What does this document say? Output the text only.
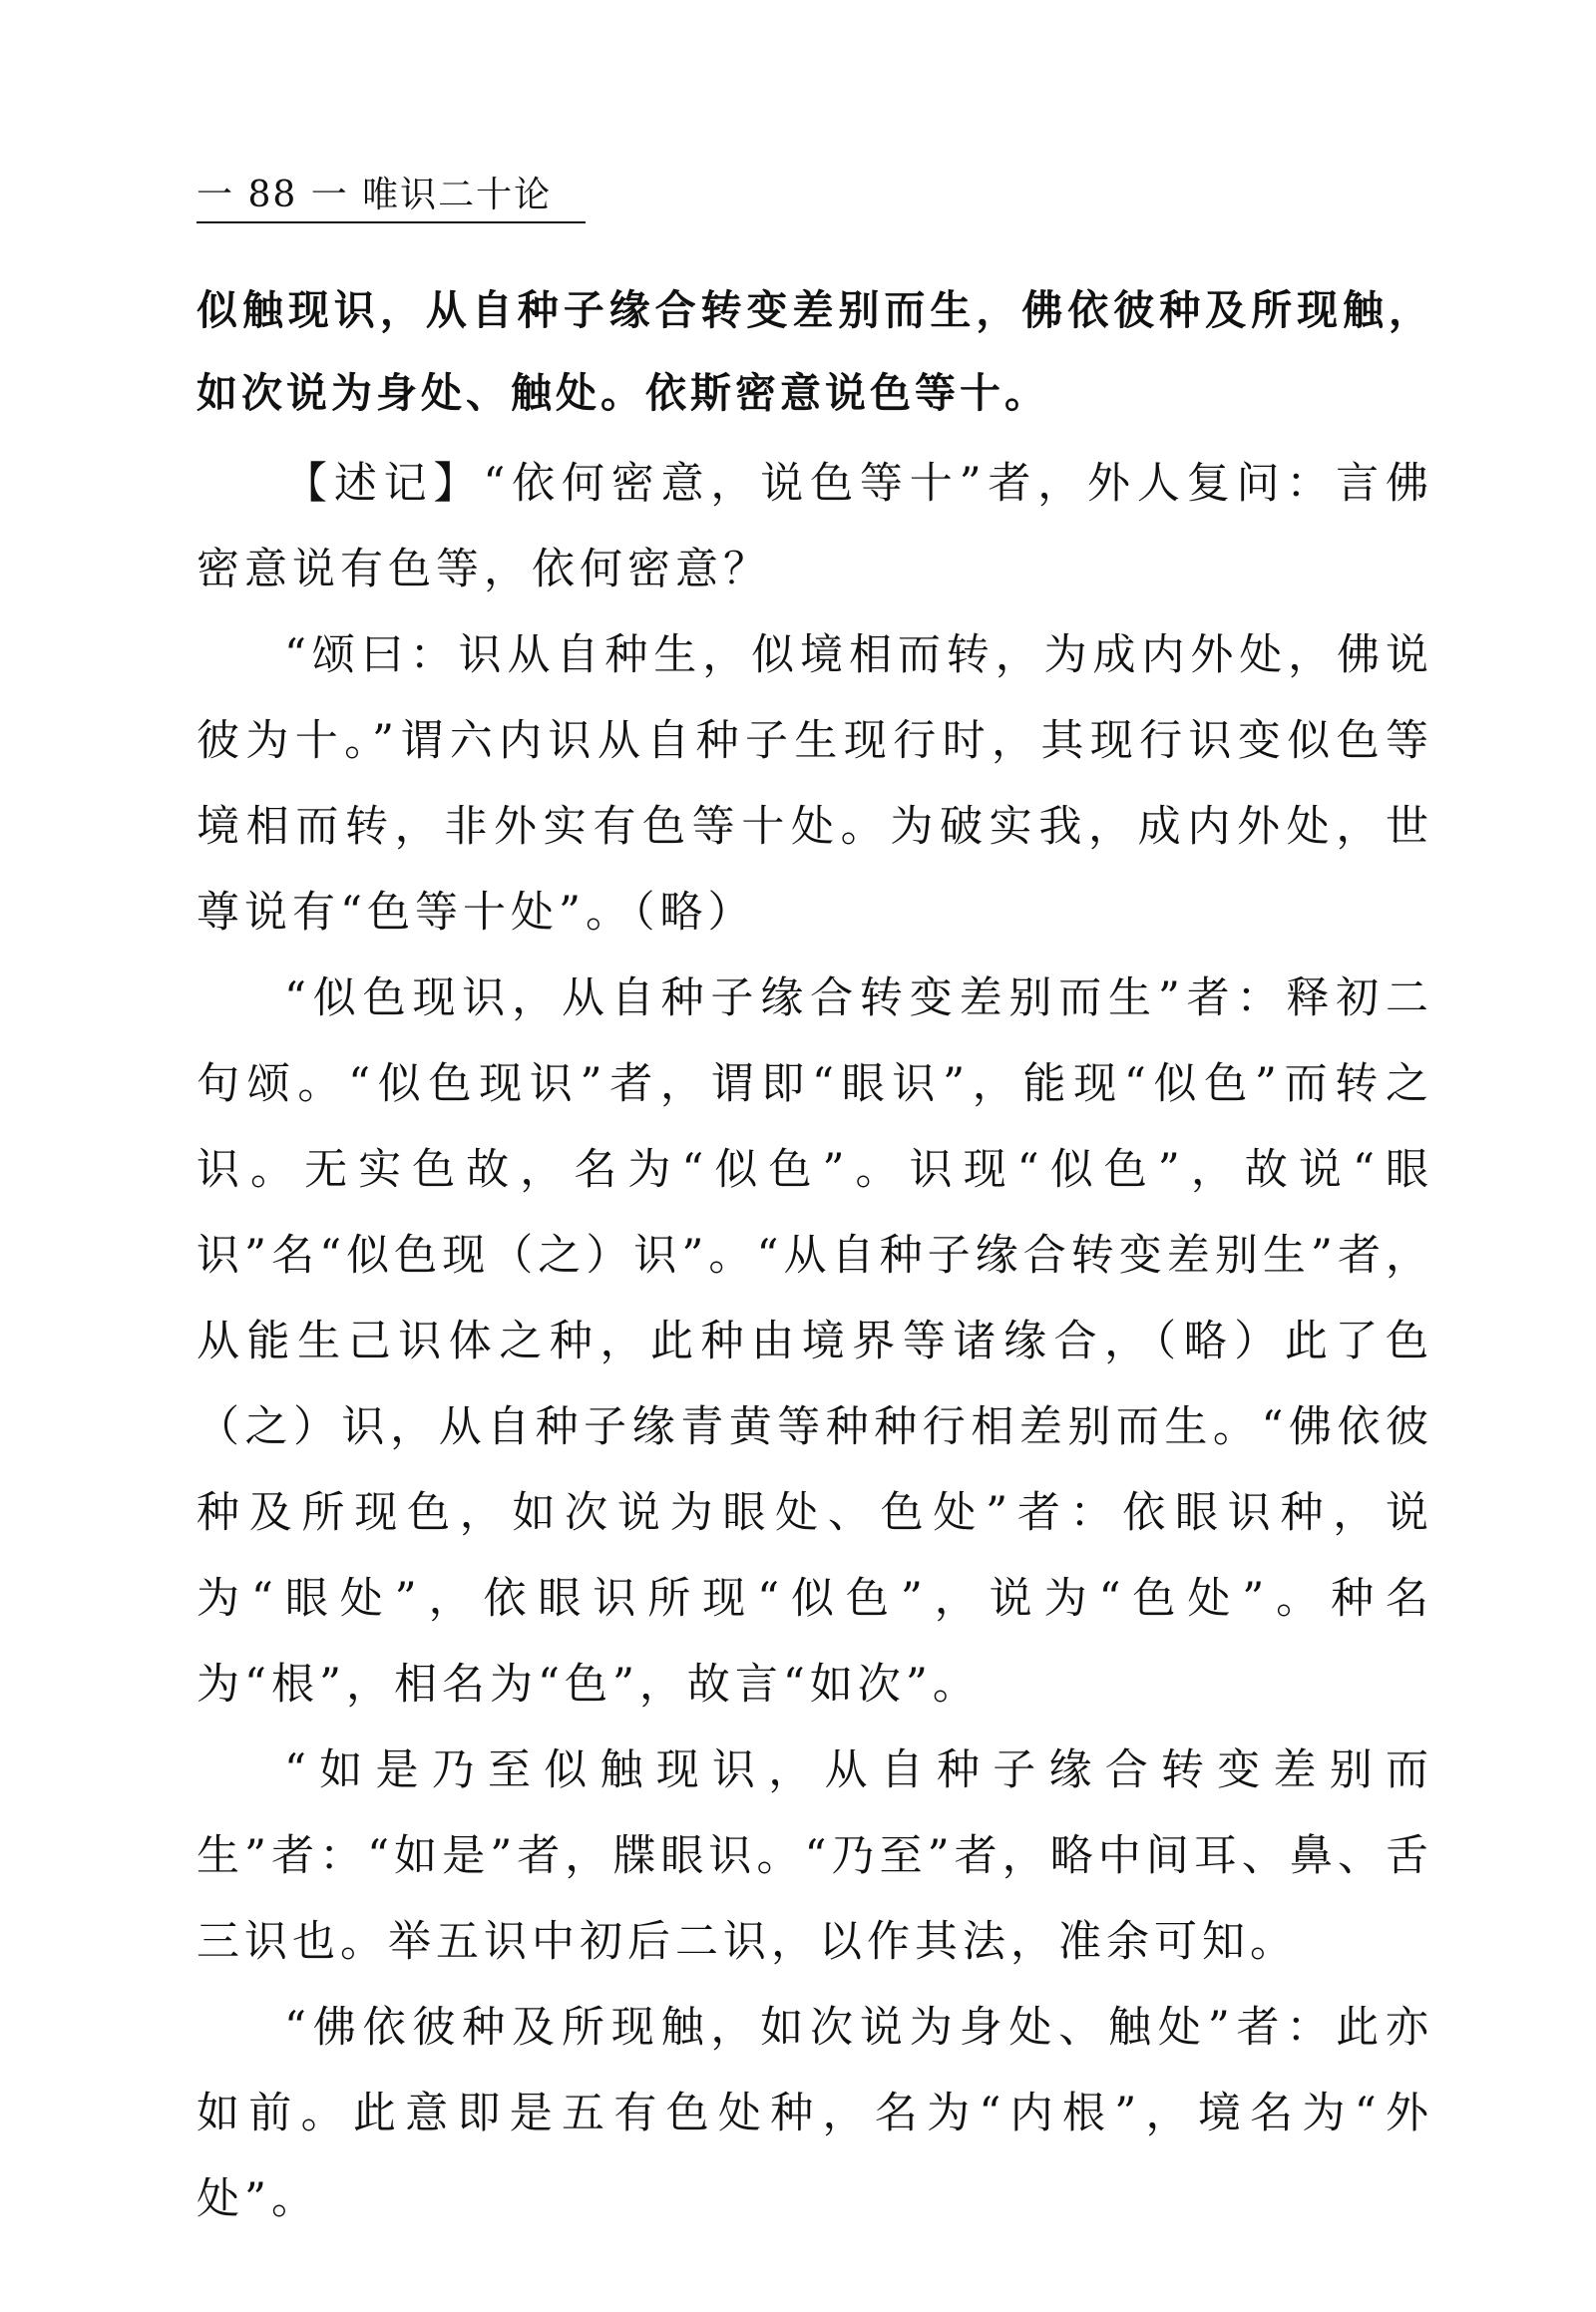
一 88 一 唯识二十论

似触现识，从自种子缘合转变差别而生，佛依彼种及所现触，如次说为身处、触处。依斯密意说色等十。

【述记】“依何密意，说色等十”者，外人复问：言佛密意说有色等，依何密意？

“颂曰：识从自种生，似境相而转，为成内外处，佛说彼为十。”谓六内识从自种子生现行时，其现行识变似色等境相而转，非外实有色等十处。为破实我，成内外处，世尊说有“色等十处”。（略）

“似色现识，从自种子缘合转变差别而生”者：释初二句颂。“似色现识”者，谓即“眼识”，能现“似色”而转之识。无实色故，名为“似色”。识现“似色”，故说“眼识”名“似色现（之）识”。“从自种子缘合转变差别生”者，从能生己识体之种，此种由境界等诸缘合，（略）此了色（之）识，从自种子缘青黄等种种行相差别而生。“佛依彼种及所现色，如次说为眼处、色处”者：依眼识种，说为“眼处”，依眼识所现“似色”，说为“色处”。种名为“根”，相名为“色”，故言“如次”。

“如是乃至似触现识，从自种子缘合转变差别而生”者：“如是”者，牒眼识。“乃至”者，略中间耳、鼻、舌三识也。举五识中初后二识，以作其法，准余可知。

“佛依彼种及所现触，如次说为身处、触处”者：此亦如前。此意即是五有色处种，名为“内根”，境名为“外处”。
